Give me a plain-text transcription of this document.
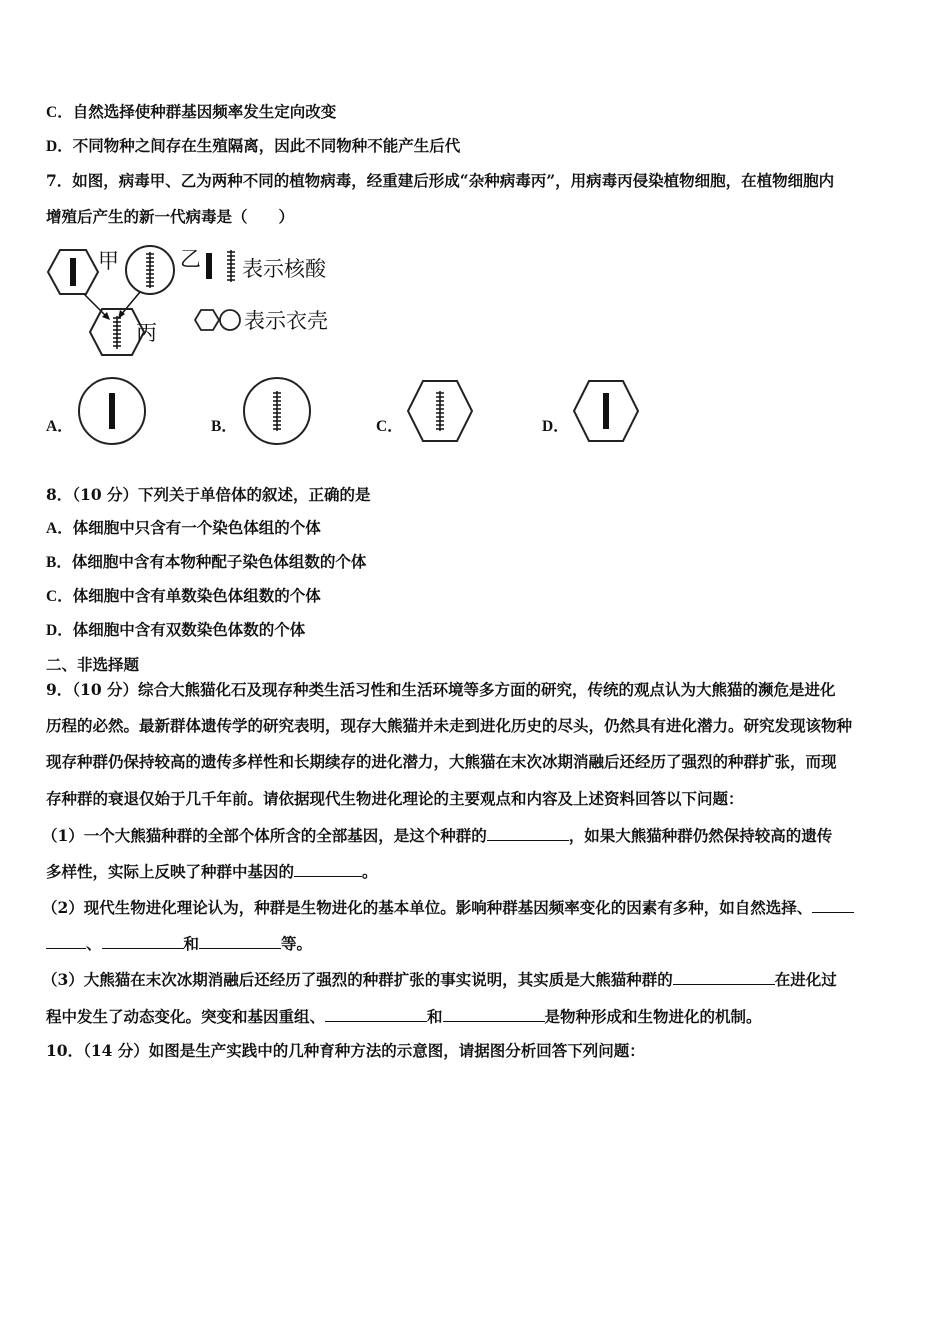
C．自然选择使种群基因频率发生定向改变
D．不同物种之间存在生殖隔离，因此不同物种不能产生后代
7．如图，病毒甲、乙为两种不同的植物病毒，经重建后形成“杂种病毒丙”，用病毒丙侵染植物细胞，在植物细胞内
增殖后产生的新一代病毒是（　　）
甲	乙 表示核酸
丙	表示衣壳
A．	B．	C．	D．
8．（10 分）下列关于单倍体的叙述，正确的是
A．体细胞中只含有一个染色体组的个体
B．体细胞中含有本物种配子染色体组数的个体
C．体细胞中含有单数染色体组数的个体
D．体细胞中含有双数染色体数的个体
二、非选择题
9．（10 分）综合大熊猫化石及现存种类生活习性和生活环境等多方面的研究，传统的观点认为大熊猫的濒危是进化
历程的必然。最新群体遗传学的研究表明，现存大熊猫并未走到进化历史的尽头，仍然具有进化潜力。研究发现该物种
现存种群仍保持较高的遗传多样性和长期续存的进化潜力，大熊猫在末次冰期消融后还经历了强烈的种群扩张，而现
存种群的衰退仅始于几千年前。请依据现代生物进化理论的主要观点和内容及上述资料回答以下问题：
（1）一个大熊猫种群的全部个体所含的全部基因，是这个种群的	，如果大熊猫种群仍然保持较高的遗传
多样性，实际上反映了种群中基因的	。
（2）现代生物进化理论认为，种群是生物进化的基本单位。影响种群基因频率变化的因素有多种，如自然选择、
、	和	等。
（3）大熊猫在末次冰期消融后还经历了强烈的种群扩张的事实说明，其实质是大熊猫种群的	在进化过
程中发生了动态变化。突变和基因重组、	和	是物种形成和生物进化的机制。
10．（14 分）如图是生产实践中的几种育种方法的示意图，请据图分析回答下列问题：
